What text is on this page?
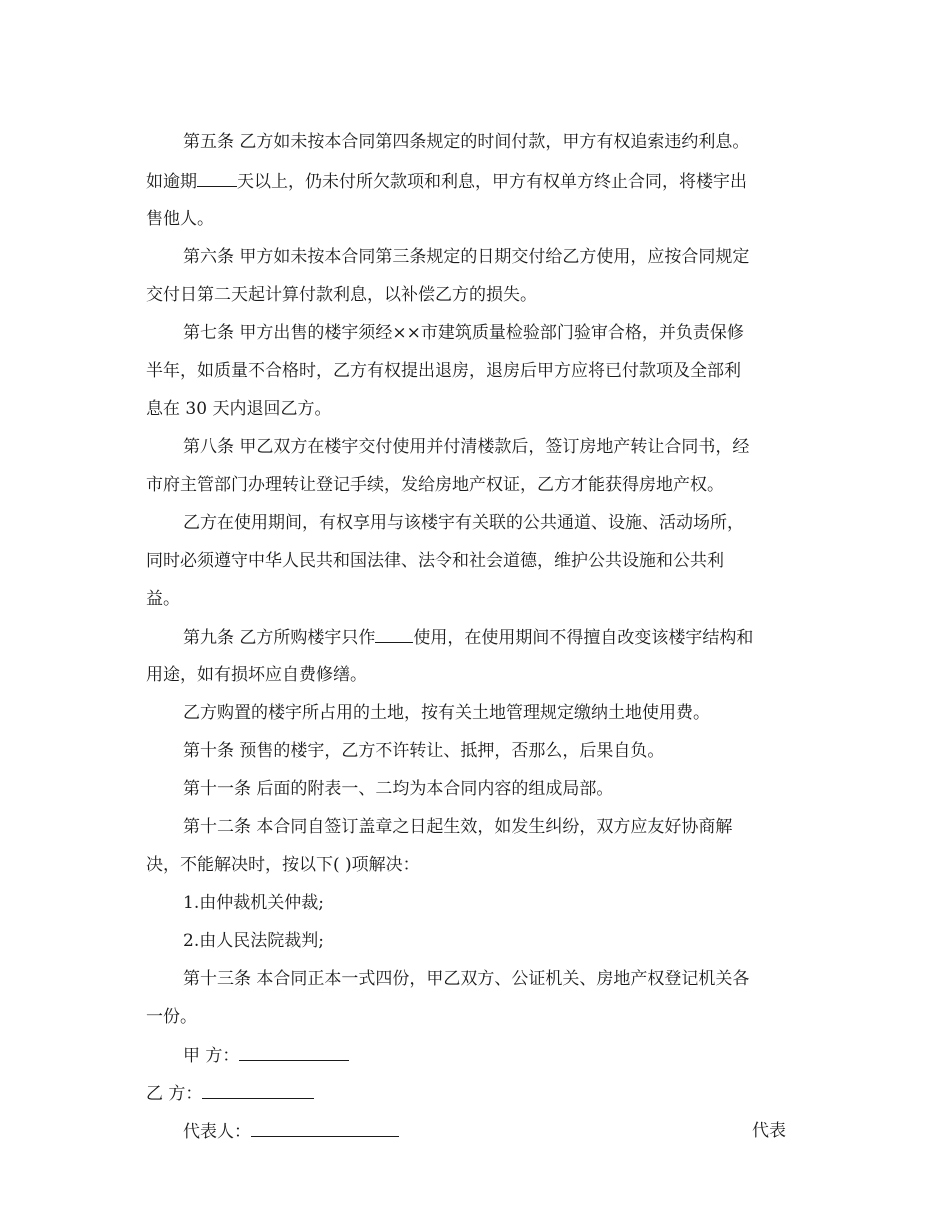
第五条 乙方如未按本合同第四条规定的时间付款，甲方有权追索违约利息。
如逾期 天以上，仍未付所欠款项和利息，甲方有权单方终止合同，将楼宇出
售他人。
第六条 甲方如未按本合同第三条规定的日期交付给乙方使用，应按合同规定
交付日第二天起计算付款利息，以补偿乙方的损失。
第七条 甲方出售的楼宇须经××市建筑质量检验部门验审合格，并负责保修
半年，如质量不合格时，乙方有权提出退房，退房后甲方应将已付款项及全部利
息在 30 天内退回乙方。
第八条 甲乙双方在楼宇交付使用并付清楼款后，签订房地产转让合同书，经
市府主管部门办理转让登记手续，发给房地产权证，乙方才能获得房地产权。
乙方在使用期间，有权享用与该楼宇有关联的公共通道、设施、活动场所，
同时必须遵守中华人民共和国法律、法令和社会道德，维护公共设施和公共利
益。
第九条 乙方所购楼宇只作 使用，在使用期间不得擅自改变该楼宇结构和
用途，如有损坏应自费修缮。
乙方购置的楼宇所占用的土地，按有关土地管理规定缴纳土地使用费。
第十条 预售的楼宇，乙方不许转让、抵押，否那么，后果自负。
第十一条 后面的附表一、二均为本合同内容的组成局部。
第十二条 本合同自签订盖章之日起生效，如发生纠纷，双方应友好协商解
决，不能解决时，按以下( )项解决：
1.由仲裁机关仲裁;
2.由人民法院裁判;
第十三条 本合同正本一式四份，甲乙双方、公证机关、房地产权登记机关各
一份。
甲 方：
乙 方：
代表人：	代表
